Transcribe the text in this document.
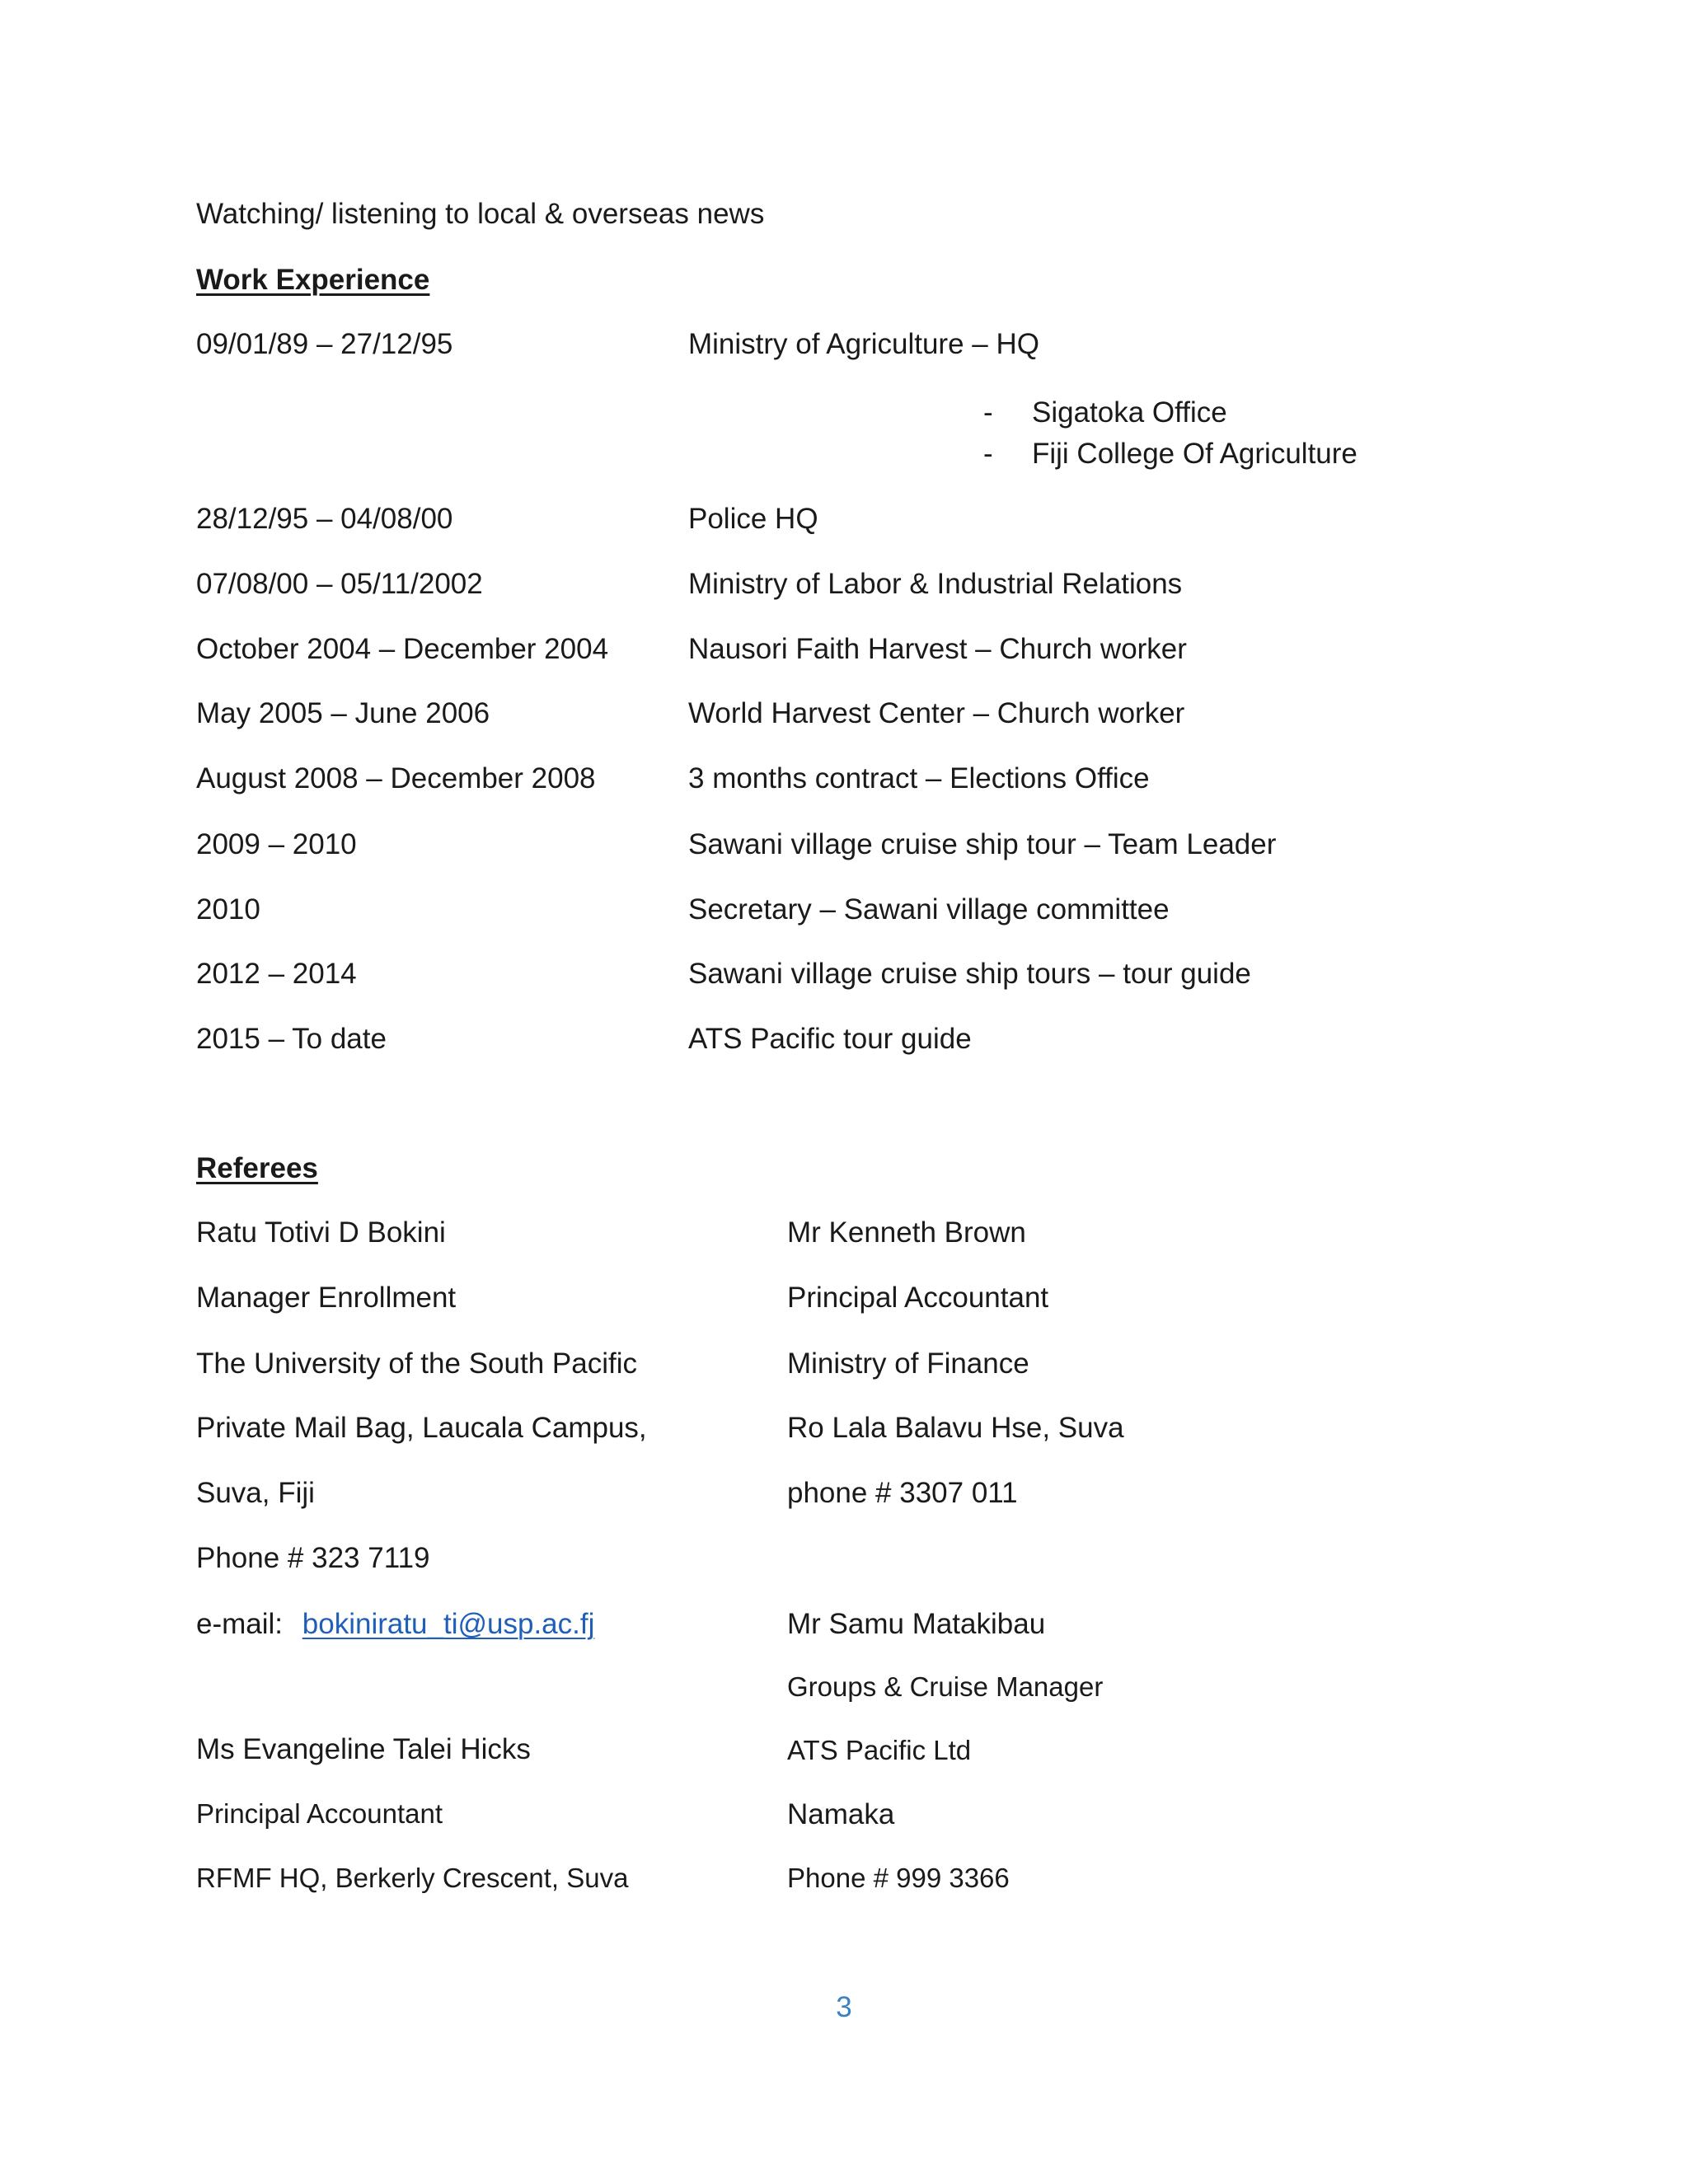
Watching/ listening to local & overseas news
Work Experience
09/01/89 – 27/12/95	Ministry of Agriculture – HQ
- Sigatoka Office
- Fiji College Of Agriculture
28/12/95 – 04/08/00	Police HQ
07/08/00 – 05/11/2002	Ministry of Labor & Industrial Relations
October 2004 – December 2004	Nausori Faith Harvest – Church worker
May 2005 – June 2006	World Harvest Center – Church worker
August 2008 – December 2008	3 months contract – Elections Office
2009 – 2010	Sawani village cruise ship tour – Team Leader
2010	Secretary – Sawani village committee
2012 – 2014	Sawani village cruise ship tours – tour guide
2015 – To date	ATS Pacific tour guide
Referees
Ratu Totivi D Bokini
Manager Enrollment
The University of the South Pacific
Private Mail Bag, Laucala Campus,
Suva, Fiji
Phone # 323 7119
e-mail: bokiniratu_ti@usp.ac.fj
Ms Evangeline Talei Hicks
Principal Accountant
RFMF HQ, Berkerly Crescent, Suva
Mr Kenneth Brown
Principal Accountant
Ministry of Finance
Ro Lala Balavu Hse, Suva
phone # 3307 011
Mr Samu Matakibau
Groups & Cruise Manager
ATS Pacific Ltd
Namaka
Phone # 999 3366
3
